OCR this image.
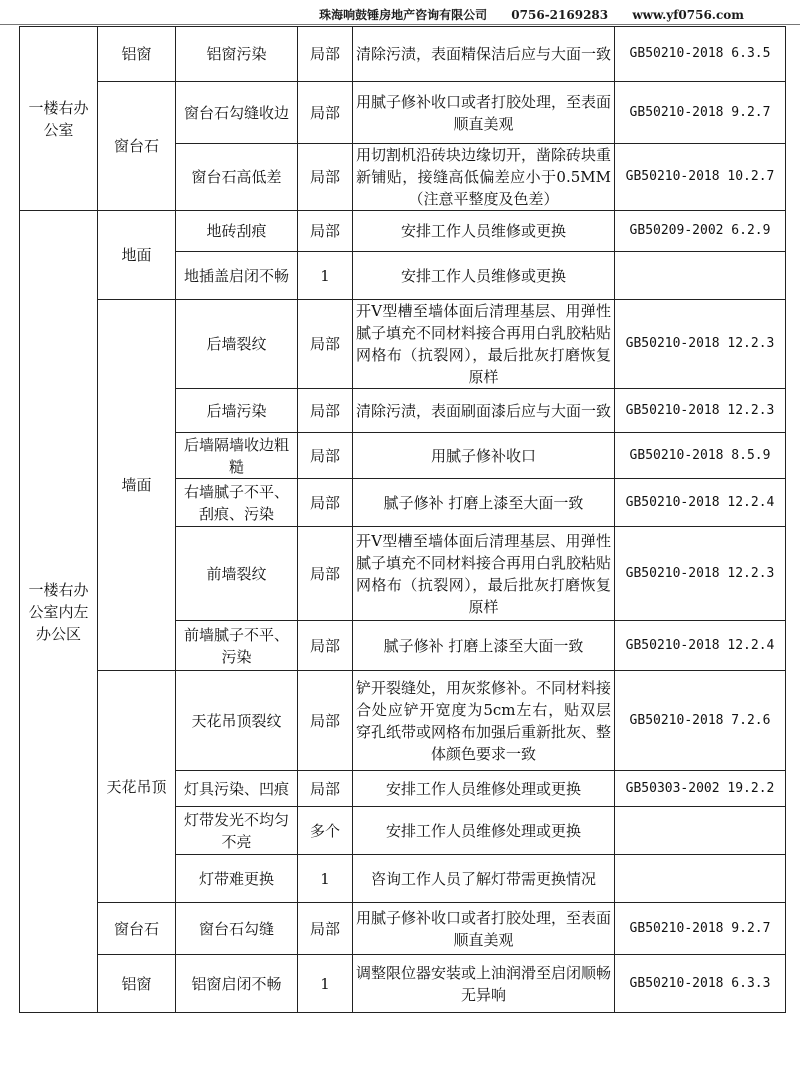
珠海响鼓锤房地产咨询有限公司 0756-2169283 www.yf0756.com
一楼右办公室	铝窗	铝窗污染	局部	清除污渍，表面精保洁后应与大面一致	GB50210-2018 6.3.5
	窗台石	窗台石勾缝收边	局部	用腻子修补收口或者打胶处理，至表面顺直美观	GB50210-2018 9.2.7
		窗台石高低差	局部	用切割机沿砖块边缘切开，凿除砖块重新铺贴，接缝高低偏差应小于0.5MM（注意平整度及色差）	GB50210-2018 10.2.7
一楼右办公室内左办公区	地面	地砖刮痕	局部	安排工作人员维修或更换	GB50209-2002 6.2.9
		地插盖启闭不畅	1	安排工作人员维修或更换	
	墙面	后墙裂纹	局部	开V型槽至墙体面后清理基层、用弹性腻子填充不同材料接合再用白乳胶粘贴网格布（抗裂网），最后批灰打磨恢复原样	GB50210-2018 12.2.3
		后墙污染	局部	清除污渍，表面刷面漆后应与大面一致	GB50210-2018 12.2.3
		后墙隔墙收边粗糙	局部	用腻子修补收口	GB50210-2018 8.5.9
		右墙腻子不平、刮痕、污染	局部	腻子修补 打磨上漆至大面一致	GB50210-2018 12.2.4
		前墙裂纹	局部	开V型槽至墙体面后清理基层、用弹性腻子填充不同材料接合再用白乳胶粘贴网格布（抗裂网），最后批灰打磨恢复原样	GB50210-2018 12.2.3
		前墙腻子不平、污染	局部	腻子修补 打磨上漆至大面一致	GB50210-2018 12.2.4
	天花吊顶	天花吊顶裂纹	局部	铲开裂缝处，用灰浆修补。不同材料接合处应铲开宽度为5cm左右，贴双层穿孔纸带或网格布加强后重新批灰、整体颜色要求一致	GB50210-2018 7.2.6
		灯具污染、凹痕	局部	安排工作人员维修处理或更换	GB50303-2002 19.2.2
		灯带发光不均匀不亮	多个	安排工作人员维修处理或更换	
		灯带难更换	1	咨询工作人员了解灯带需更换情况	
	窗台石	窗台石勾缝	局部	用腻子修补收口或者打胶处理，至表面顺直美观	GB50210-2018 9.2.7
	铝窗	铝窗启闭不畅	1	调整限位器安装或上油润滑至启闭顺畅无异响	GB50210-2018 6.3.3
